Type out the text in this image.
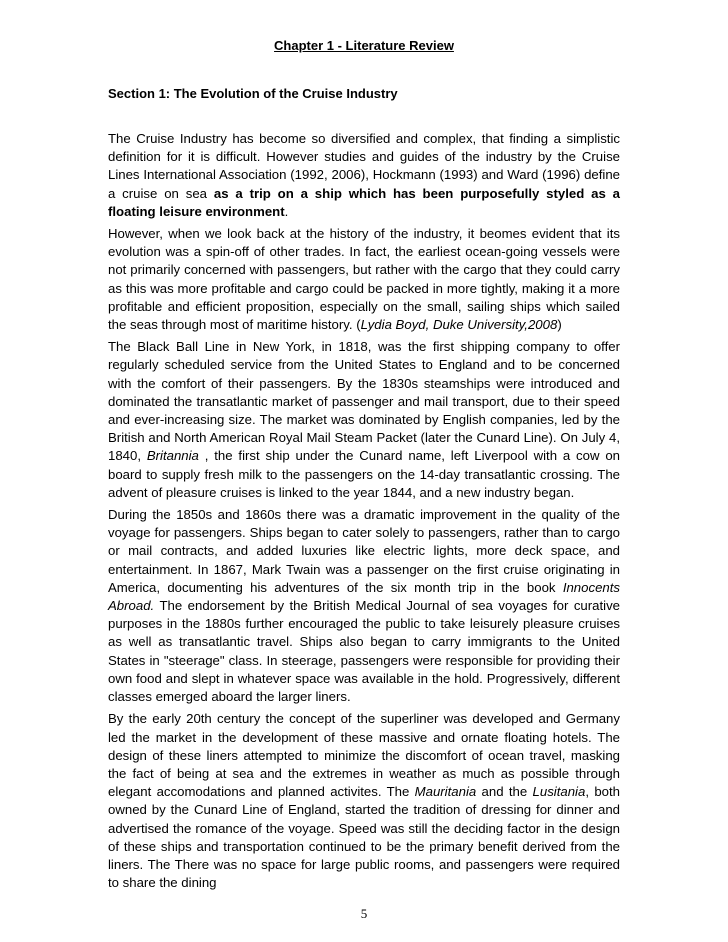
Chapter 1 - Literature Review
Section 1: The Evolution of the Cruise Industry

The Cruise Industry has become so diversified and complex, that finding a simplistic definition for it is difficult. However studies and guides of the industry by the Cruise Lines International Association (1992, 2006), Hockmann (1993) and Ward (1996) define a cruise on sea as a trip on a ship which has been purposefully styled as a floating leisure environment.

However, when we look back at the history of the industry, it beomes evident that its evolution was a spin-off of other trades. In fact, the earliest ocean-going vessels were not primarily concerned with passengers, but rather with the cargo that they could carry as this was more profitable and cargo could be packed in more tightly, making it a more profitable and efficient proposition, especially on the small, sailing ships which sailed the seas through most of maritime history. (Lydia Boyd, Duke University,2008)

The Black Ball Line in New York, in 1818, was the first shipping company to offer regularly scheduled service from the United States to England and to be concerned with the comfort of their passengers. By the 1830s steamships were introduced and dominated the transatlantic market of passenger and mail transport, due to their speed and ever-increasing size. The market was dominated by English companies, led by the British and North American Royal Mail Steam Packet (later the Cunard Line). On July 4, 1840, Britannia , the first ship under the Cunard name, left Liverpool with a cow on board to supply fresh milk to the passengers on the 14-day transatlantic crossing. The advent of pleasure cruises is linked to the year 1844, and a new industry began.

During the 1850s and 1860s there was a dramatic improvement in the quality of the voyage for passengers. Ships began to cater solely to passengers, rather than to cargo or mail contracts, and added luxuries like electric lights, more deck space, and entertainment. In 1867, Mark Twain was a passenger on the first cruise originating in America, documenting his adventures of the six month trip in the book Innocents Abroad. The endorsement by the British Medical Journal of sea voyages for curative purposes in the 1880s further encouraged the public to take leisurely pleasure cruises as well as transatlantic travel. Ships also began to carry immigrants to the United States in "steerage" class. In steerage, passengers were responsible for providing their own food and slept in whatever space was available in the hold. Progressively, different classes emerged aboard the larger liners.

By the early 20th century the concept of the superliner was developed and Germany led the market in the development of these massive and ornate floating hotels. The design of these liners attempted to minimize the discomfort of ocean travel, masking the fact of being at sea and the extremes in weather as much as possible through elegant accomodations and planned activites. The Mauritania and the Lusitania, both owned by the Cunard Line of England, started the tradition of dressing for dinner and advertised the romance of the voyage. Speed was still the deciding factor in the design of these ships and transportation continued to be the primary benefit derived from the liners. The There was no space for large public rooms, and passengers were required to share the dining

5
